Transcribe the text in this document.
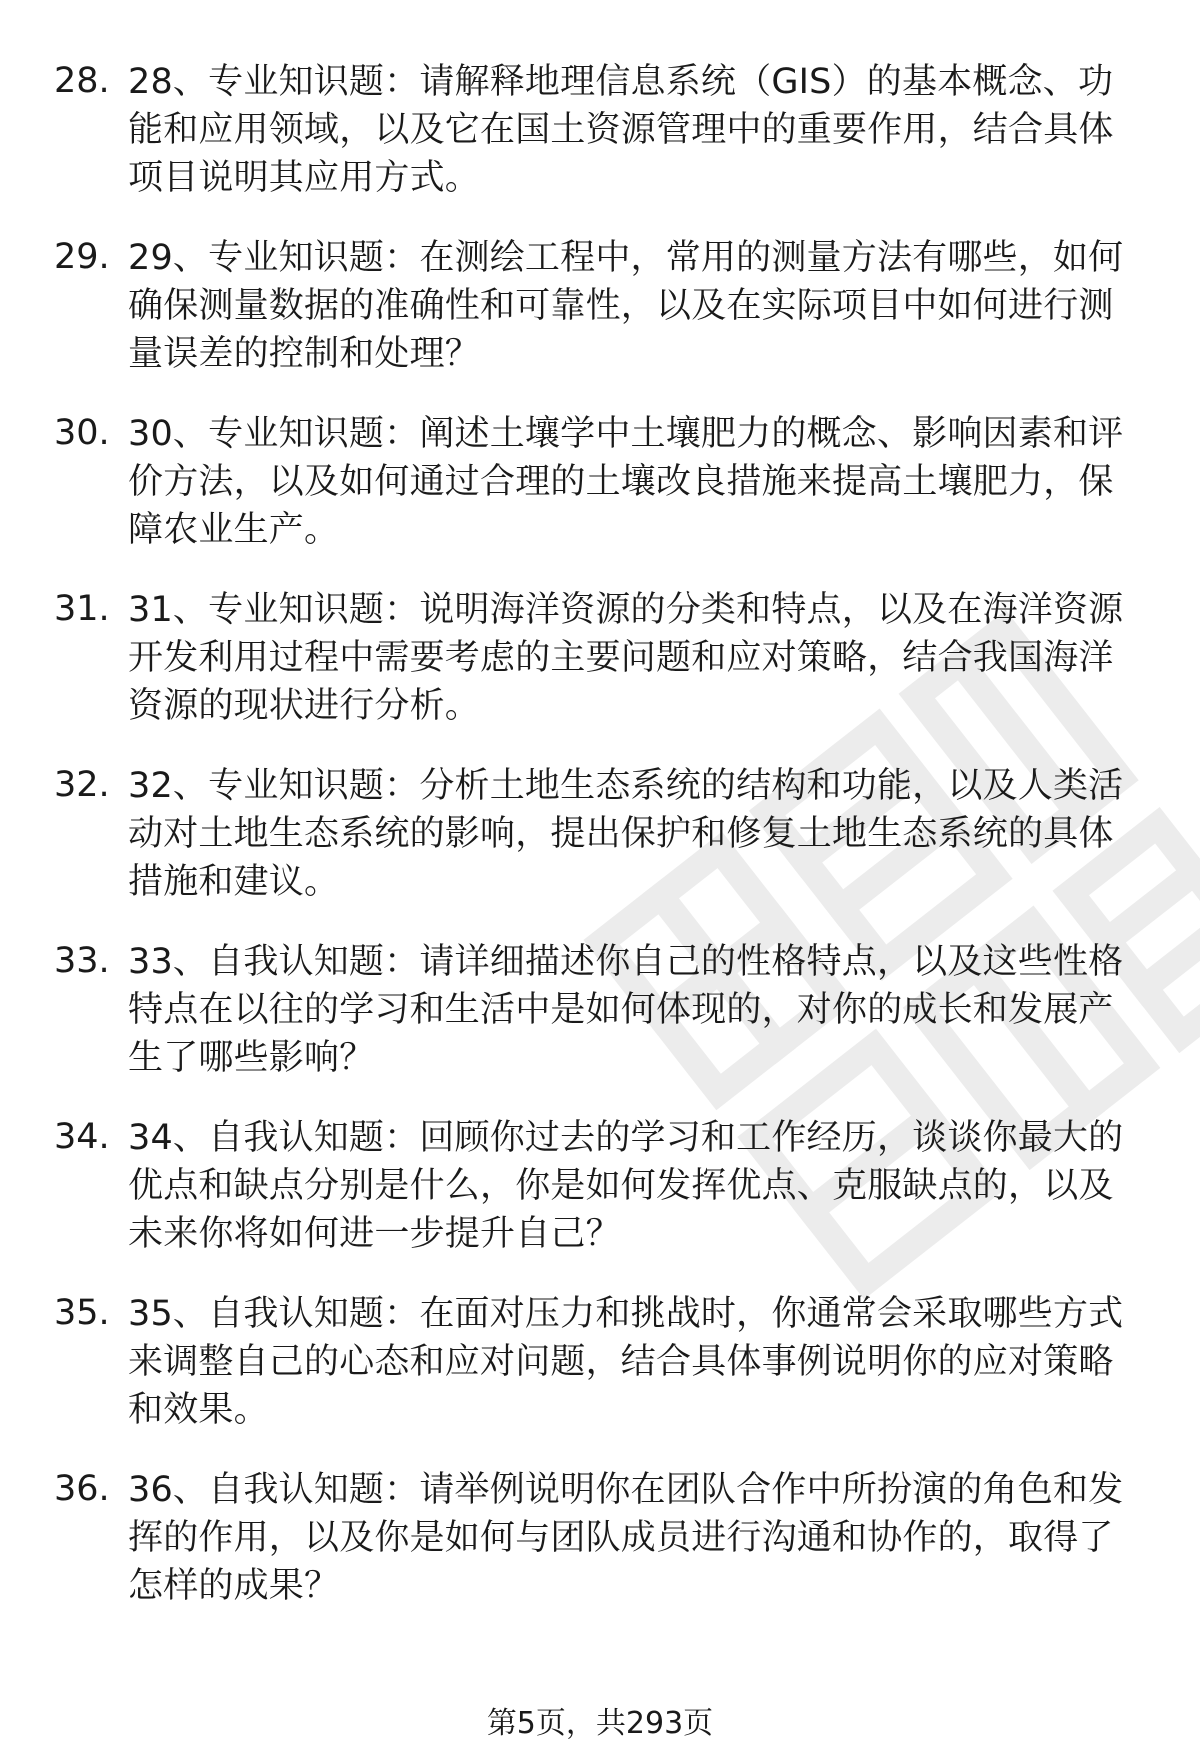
28. 28、专业知识题：请解释地理信息系统（GIS）的基本概念、功能和应用领域，以及它在国土资源管理中的重要作用，结合具体项目说明其应用方式。
29. 29、专业知识题：在测绘工程中，常用的测量方法有哪些，如何确保测量数据的准确性和可靠性，以及在实际项目中如何进行测量误差的控制和处理？
30. 30、专业知识题：阐述土壤学中土壤肥力的概念、影响因素和评价方法，以及如何通过合理的土壤改良措施来提高土壤肥力，保障农业生产。
31. 31、专业知识题：说明海洋资源的分类和特点，以及在海洋资源开发利用过程中需要考虑的主要问题和应对策略，结合我国海洋资源的现状进行分析。
32. 32、专业知识题：分析土地生态系统的结构和功能，以及人类活动对土地生态系统的影响，提出保护和修复土地生态系统的具体措施和建议。
33. 33、自我认知题：请详细描述你自己的性格特点，以及这些性格特点在以往的学习和生活中是如何体现的，对你的成长和发展产生了哪些影响？
34. 34、自我认知题：回顾你过去的学习和工作经历，谈谈你最大的优点和缺点分别是什么，你是如何发挥优点、克服缺点的，以及未来你将如何进一步提升自己？
35. 35、自我认知题：在面对压力和挑战时，你通常会采取哪些方式来调整自己的心态和应对问题，结合具体事例说明你的应对策略和效果。
36. 36、自我认知题：请举例说明你在团队合作中所扮演的角色和发挥的作用，以及你是如何与团队成员进行沟通和协作的，取得了怎样的成果？
第5页，共293页
